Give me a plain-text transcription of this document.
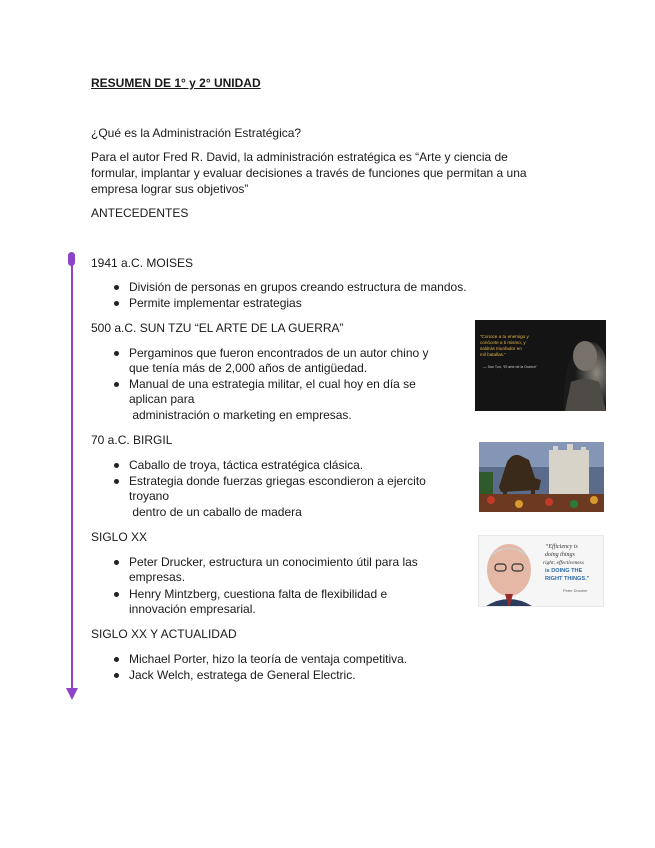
RESUMEN DE 1° y 2° UNIDAD
¿Qué es la Administración Estratégica?
Para el autor Fred R. David, la administración estratégica es “Arte y ciencia de
formular, implantar y evaluar decisiones a través de funciones que permitan a una
empresa lograr sus objetivos”
ANTECEDENTES
1941 a.C. MOISES
División de personas en grupos creando estructura de mandos.
Permite implementar estrategias
500 a.C. SUN TZU “EL ARTE DE LA GUERRA”
Pergaminos que fueron encontrados de un autor chino y
que tenía más de 2,000 años de antigüedad.
Manual de una estrategia militar, el cual hoy en día se
aplican para
administración o marketing en empresas.
“Conoce a tu enemigo y
conócete a ti mismo, y
saldrás triunfador en
mil batallas.”
— Sun Tzu, “El arte de la Guerra”
70 a.C. BIRGIL
Caballo de troya, táctica estratégica clásica.
Estrategia donde fuerzas griegas escondieron a ejercito
troyano
dentro de un caballo de madera
SIGLO XX
Peter Drucker, estructura un conocimiento útil para las
empresas.
Henry Mintzberg, cuestiona falta de flexibilidad e
innovación empresarial.
“Efficiency is
doing things
right; effectiveness
is DOING THE
RIGHT THINGS.”
Peter Drucker
SIGLO XX Y ACTUALIDAD
Michael Porter, hizo la teoría de ventaja competitiva.
Jack Welch, estratega de General Electric.
